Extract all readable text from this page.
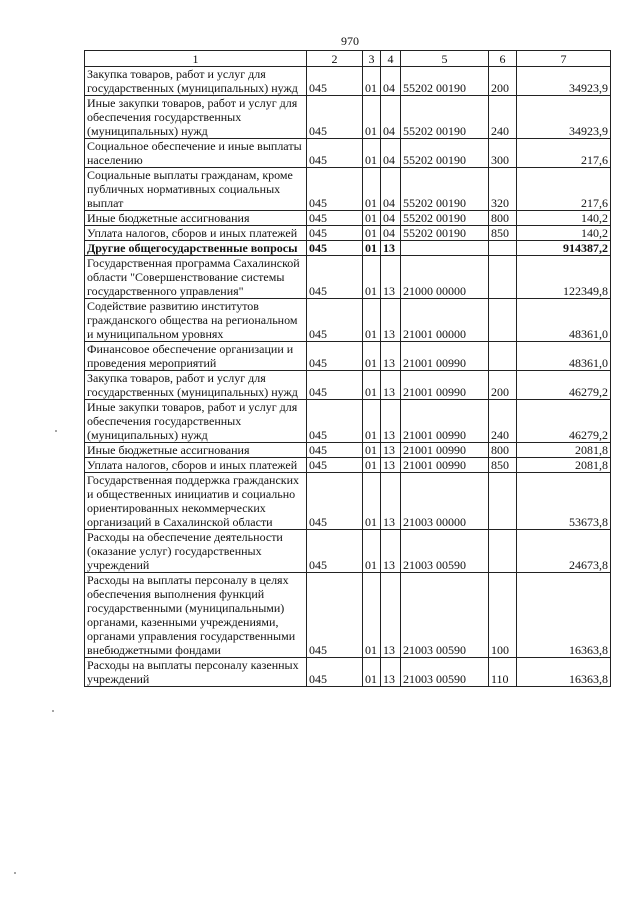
970
1	2	3	4	5	6	7
Закупка товаров, работ и услуг для государственных (муниципальных) нужд	045	01	04	55202 00190	200	34923,9
Иные закупки товаров, работ и услуг для обеспечения государственных (муниципальных) нужд	045	01	04	55202 00190	240	34923,9
Социальное обеспечение и иные выплаты населению	045	01	04	55202 00190	300	217,6
Социальные выплаты гражданам, кроме публичных нормативных социальных выплат	045	01	04	55202 00190	320	217,6
Иные бюджетные ассигнования	045	01	04	55202 00190	800	140,2
Уплата налогов, сборов и иных платежей	045	01	04	55202 00190	850	140,2
Другие общегосударственные вопросы	045	01	13			914387,2
Государственная программа Сахалинской области "Совершенствование системы государственного управления"	045	01	13	21000 00000		122349,8
Содействие развитию институтов гражданского общества на региональном и муниципальном уровнях	045	01	13	21001 00000		48361,0
Финансовое обеспечение организации и проведения мероприятий	045	01	13	21001 00990		48361,0
Закупка товаров, работ и услуг для государственных (муниципальных) нужд	045	01	13	21001 00990	200	46279,2
Иные закупки товаров, работ и услуг для обеспечения государственных (муниципальных) нужд	045	01	13	21001 00990	240	46279,2
Иные бюджетные ассигнования	045	01	13	21001 00990	800	2081,8
Уплата налогов, сборов и иных платежей	045	01	13	21001 00990	850	2081,8
Государственная поддержка гражданских и общественных инициатив и социально ориентированных некоммерческих организаций в Сахалинской области	045	01	13	21003 00000		53673,8
Расходы на обеспечение деятельности (оказание услуг) государственных учреждений	045	01	13	21003 00590		24673,8
Расходы на выплаты персоналу в целях обеспечения выполнения функций государственными (муниципальными) органами, казенными учреждениями, органами управления государственными внебюджетными фондами	045	01	13	21003 00590	100	16363,8
Расходы на выплаты персоналу казенных учреждений	045	01	13	21003 00590	110	16363,8
